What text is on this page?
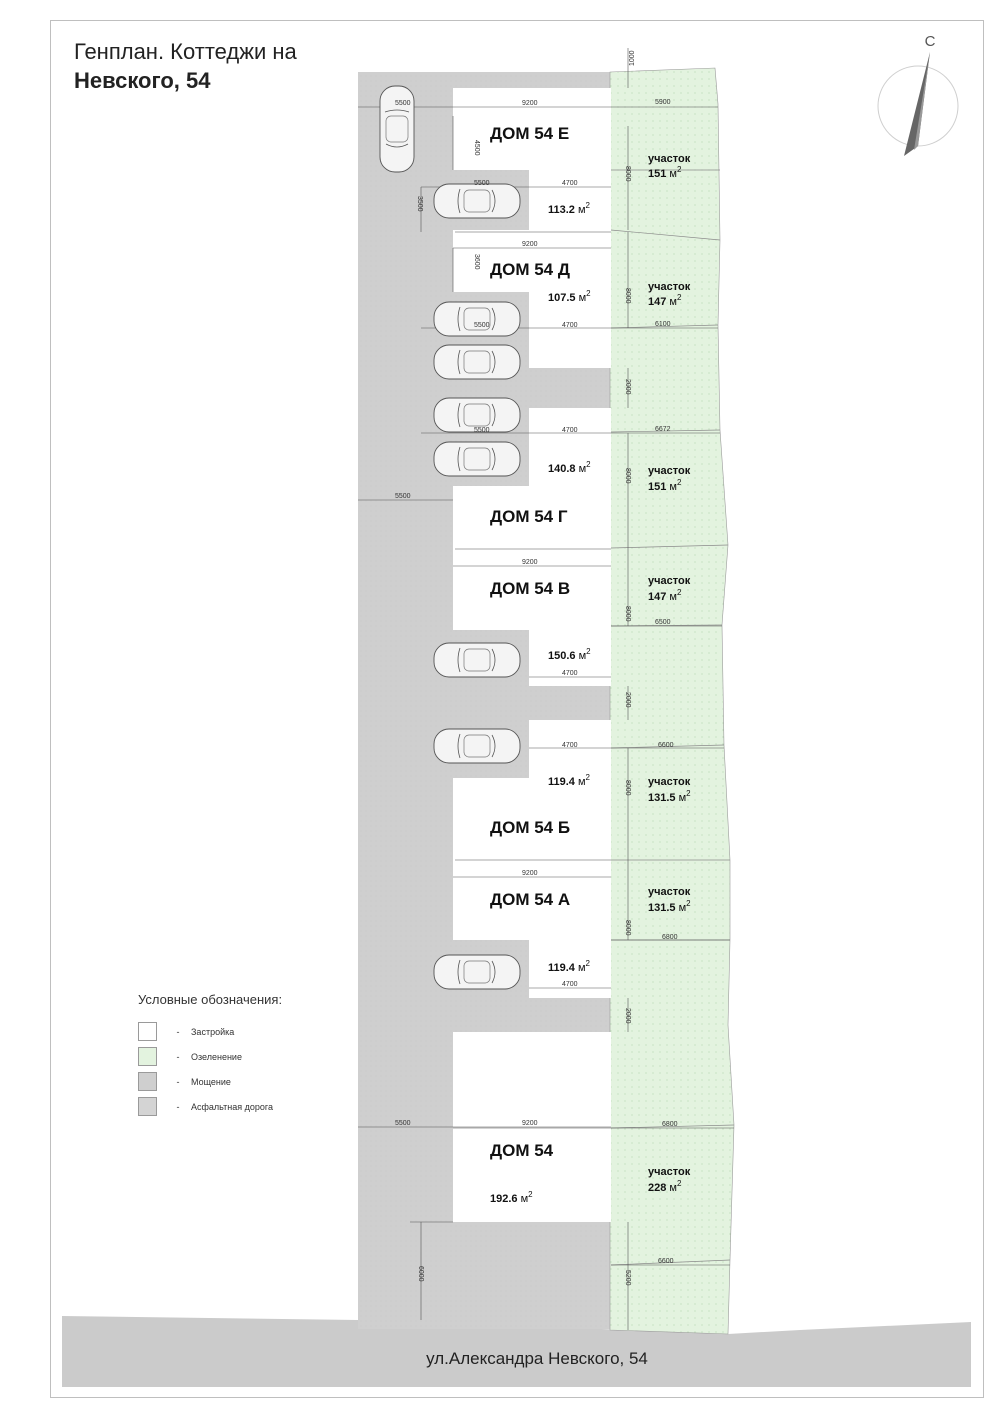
С
ДОМ 54 Е
ДОМ 54 Д
ДОМ 54 Г
ДОМ 54 В
ДОМ 54 Б
ДОМ 54 А
ДОМ 54
113.2 $м^2$
107.5 $м^2$
140.8 $м^2$
150.6 $м^2$
119.4 $м^2$
119.4 $м^2$
192.6 $м^2$
участок
151 $м^2$
участок
147 $м^2$
участок
151 $м^2$
участок
147 $м^2$
участок
131.5 $м^2$
участок
131.5 $м^2$
участок
228 $м^2$
1000
5500	9200	5900
4500
8000
3500
5500	4700
9200
3600
8000
5500	4700	6100
2000
5500	4700	6672
8000
5500
9200
8000
6500
4700
2000
4700	6600
8000
9200
8000
6800
4700
2000
5500	9200	6800
6000	5200
6600
ул.Александра Невского, 54
Генплан. Коттеджи на
Невского, 54
Условные обозначения:
-	Застройка
-	Озеленение
-	Мощение
-	Асфальтная дорога
